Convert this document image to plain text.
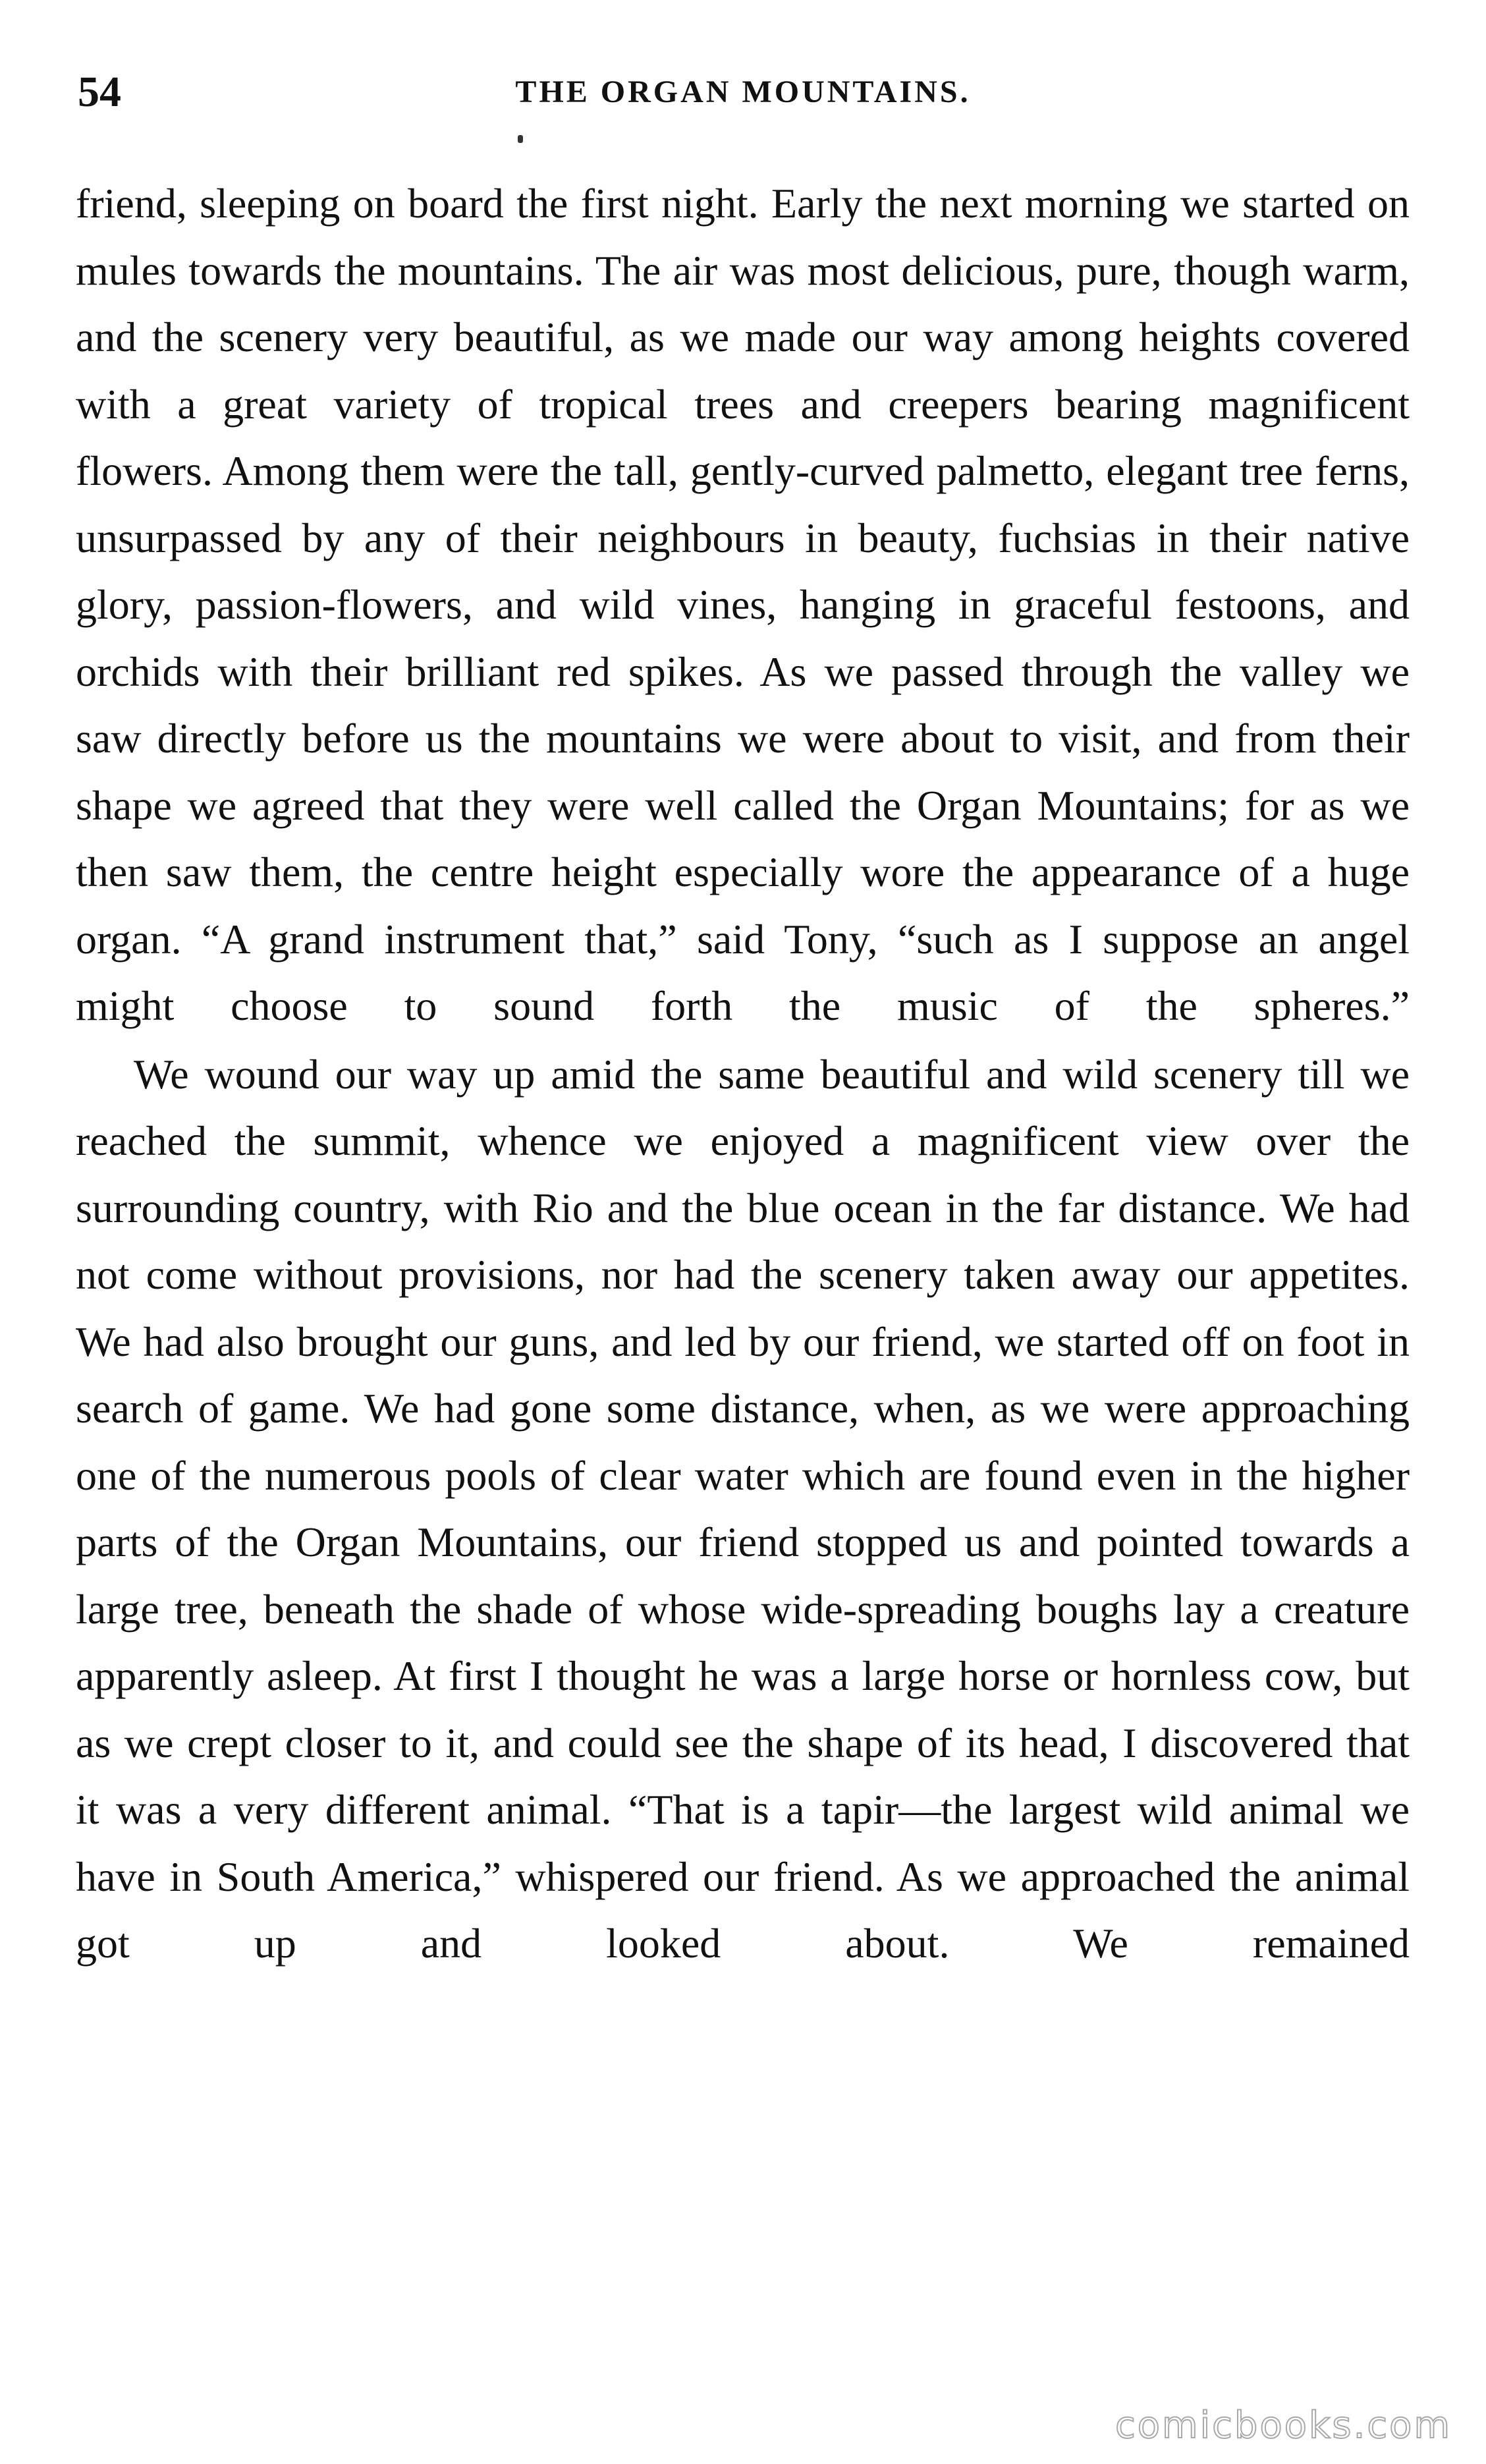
54	THE ORGAN MOUNTAINS.

friend, sleeping on board the first night. Early the next morning we started on mules towards the mountains. The air was most delicious, pure, though warm, and the scenery very beautiful, as we made our way among heights covered with a great variety of tropical trees and creepers bearing magnificent flowers. Among them were the tall, gently-curved palmetto, elegant tree ferns, unsurpassed by any of their neighbours in beauty, fuchsias in their native glory, passion-flowers, and wild vines, hanging in graceful festoons, and orchids with their brilliant red spikes. As we passed through the valley we saw directly before us the mountains we were about to visit, and from their shape we agreed that they were well called the Organ Mountains; for as we then saw them, the centre height especially wore the appearance of a huge organ. “A grand instrument that,” said Tony, “such as I suppose an angel might choose to sound forth the music of the spheres.”

We wound our way up amid the same beautiful and wild scenery till we reached the summit, whence we enjoyed a magnificent view over the surrounding country, with Rio and the blue ocean in the far distance. We had not come without provisions, nor had the scenery taken away our appetites. We had also brought our guns, and led by our friend, we started off on foot in search of game. We had gone some distance, when, as we were approaching one of the numerous pools of clear water which are found even in the higher parts of the Organ Mountains, our friend stopped us and pointed towards a large tree, beneath the shade of whose wide-spreading boughs lay a creature apparently asleep. At first I thought he was a large horse or hornless cow, but as we crept closer to it, and could see the shape of its head, I discovered that it was a very different animal. “That is a tapir—the largest wild animal we have in South America,” whispered our friend. As we approached the animal got up and looked about. We remained

comicbooks.com
